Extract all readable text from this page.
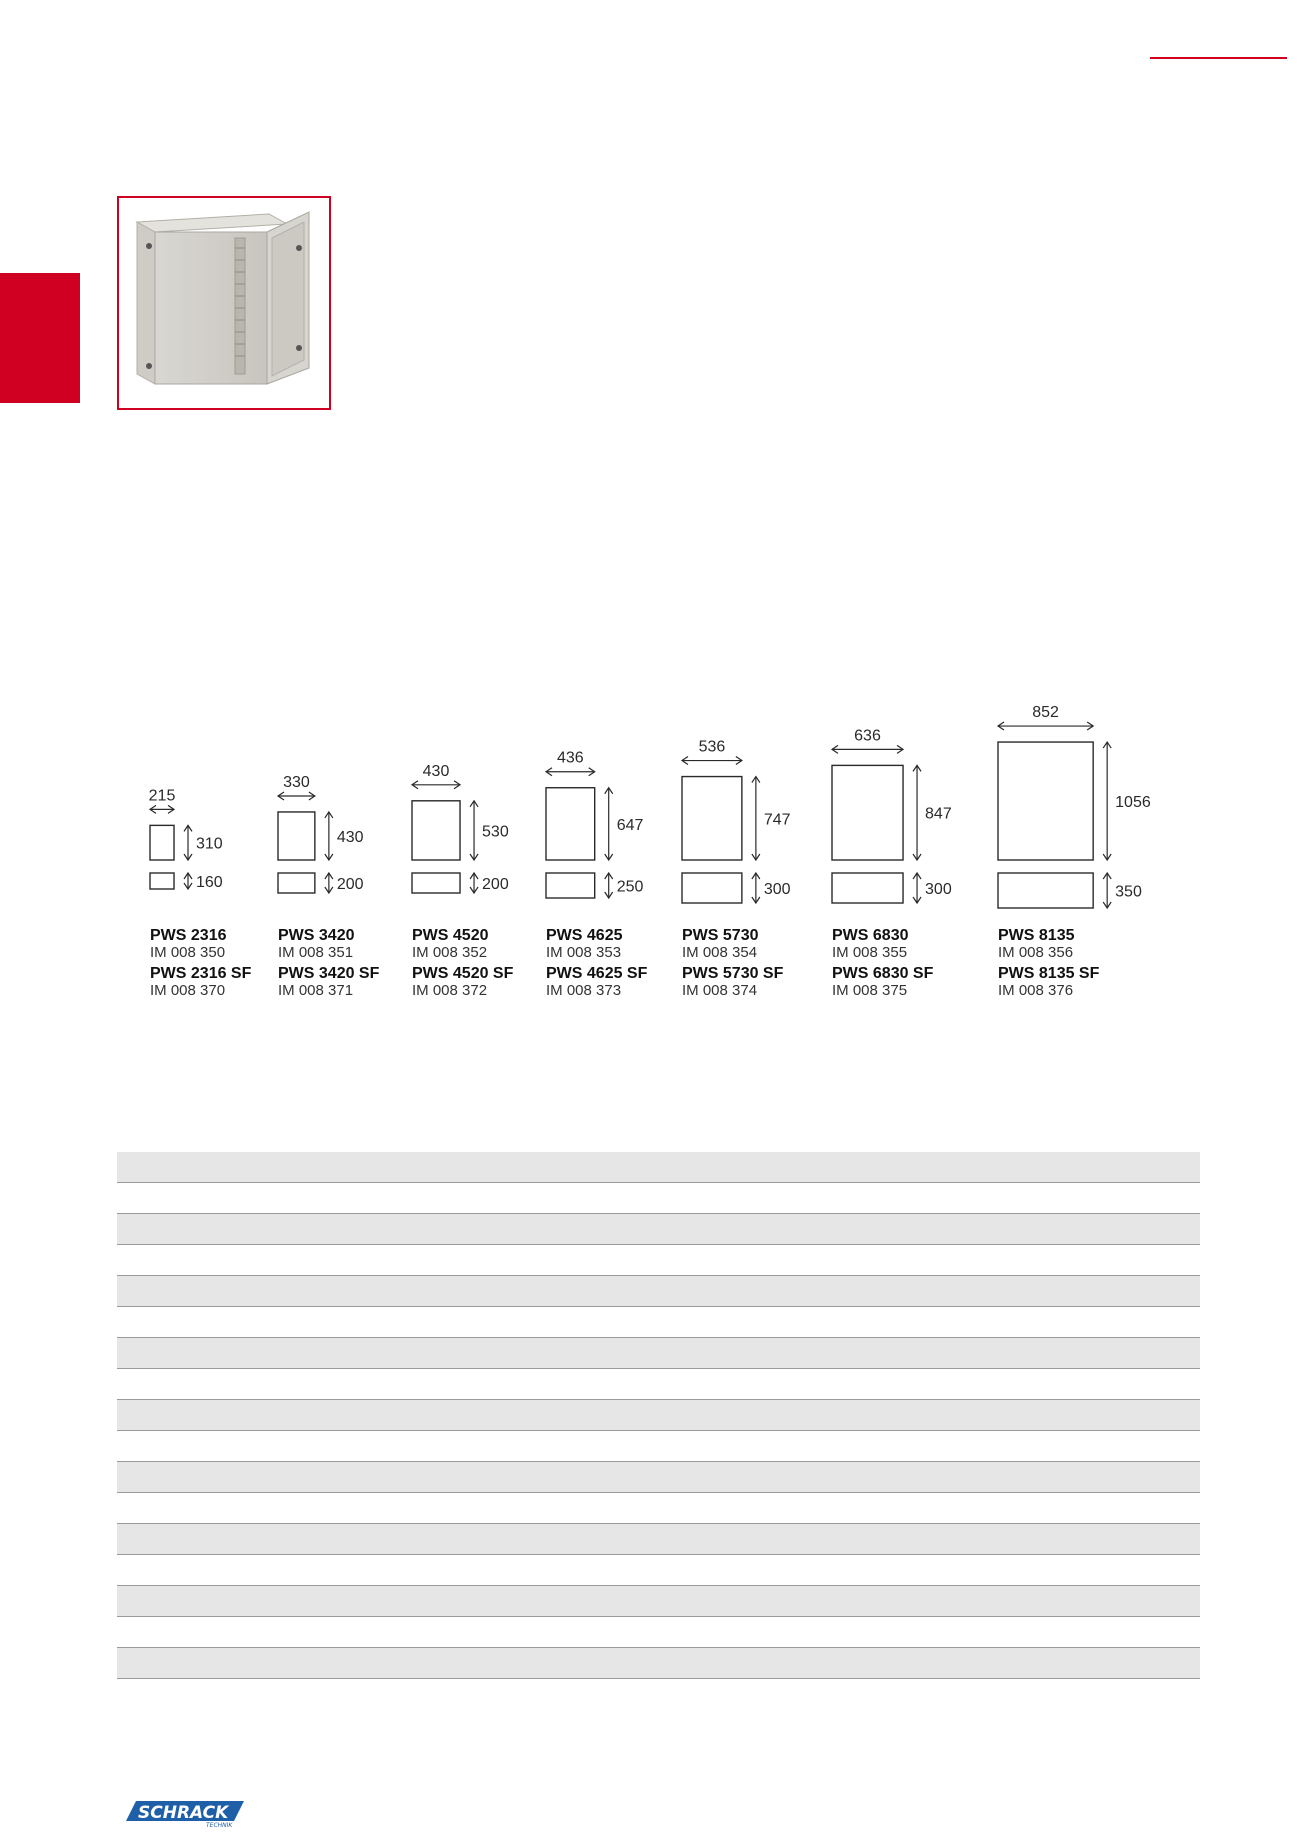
215
310
160
330
430
200
430
530
200
436
647
250
536
747
300
636
847
300
852
1056
350
PWS 2316
IM 008 350
PWS 2316 SF
IM 008 370
PWS 3420
IM 008 351
PWS 3420 SF
IM 008 371
PWS 4520
IM 008 352
PWS 4520 SF
IM 008 372
PWS 4625
IM 008 353
PWS 4625 SF
IM 008 373
PWS 5730
IM 008 354
PWS 5730 SF
IM 008 374
PWS 6830
IM 008 355
PWS 6830 SF
IM 008 375
PWS 8135
IM 008 356
PWS 8135 SF
IM 008 376
SCHRACK
TECHNIK
